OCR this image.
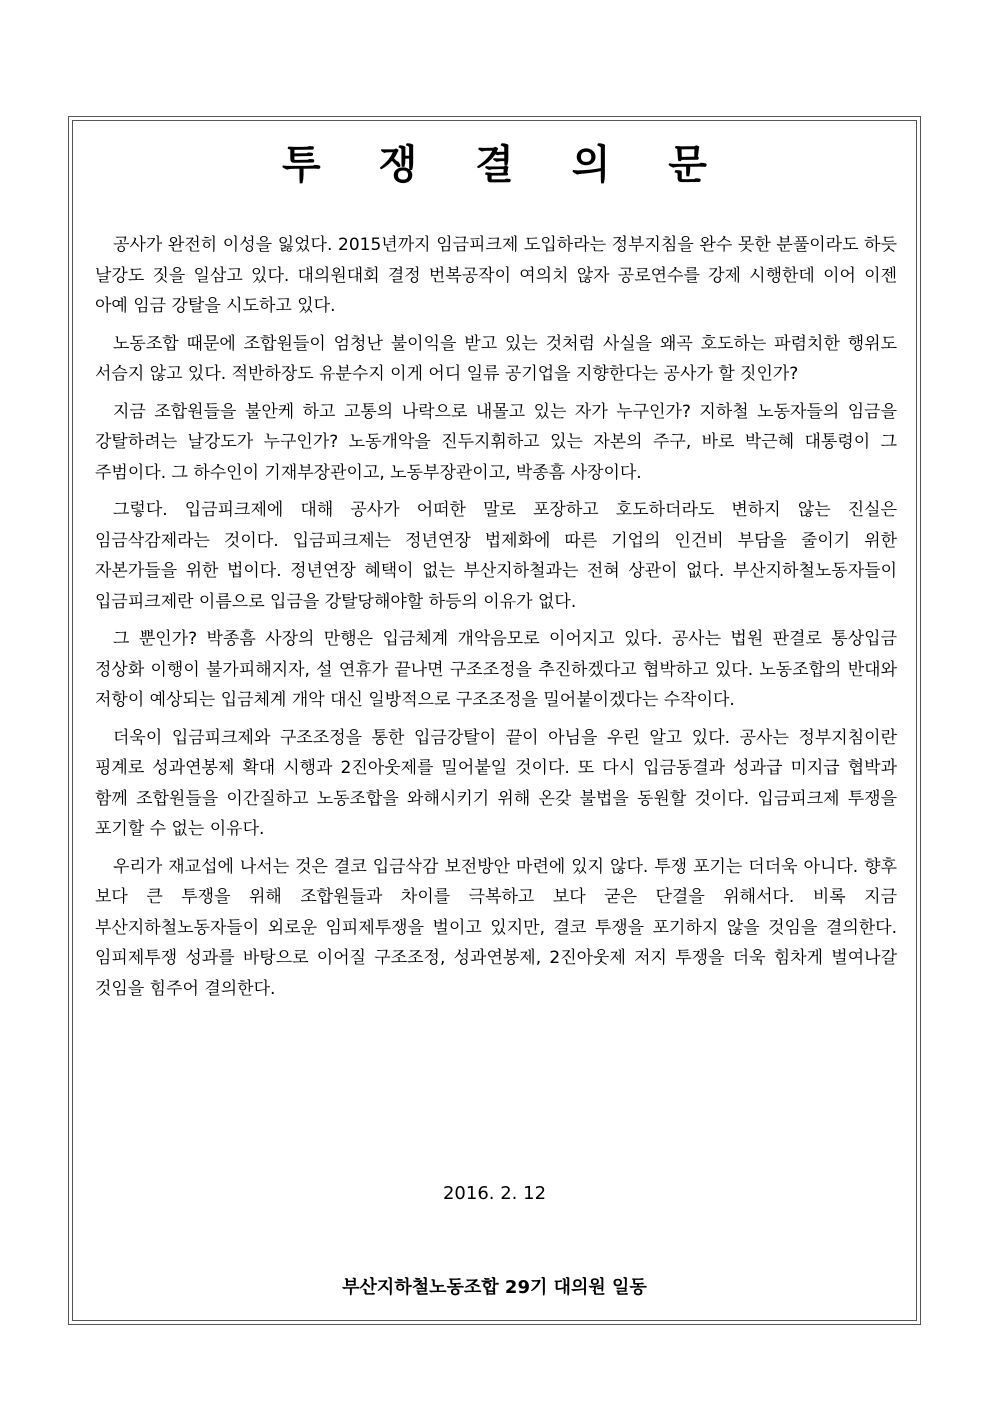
투 쟁 결 의 문

공사가 완전히 이성을 잃었다. 2015년까지 임금피크제 도입하라는 정부지침을 완수 못한 분풀이라도 하듯 날강도 짓을 일삼고 있다. 대의원대회 결정 번복공작이 여의치 않자 공로연수를 강제 시행한데 이어 이젠 아예 임금 강탈을 시도하고 있다.

노동조합 때문에 조합원들이 엄청난 불이익을 받고 있는 것처럼 사실을 왜곡 호도하는 파렴치한 행위도 서슴지 않고 있다. 적반하장도 유분수지 이게 어디 일류 공기업을 지향한다는 공사가 할 짓인가?

지금 조합원들을 불안케 하고 고통의 나락으로 내몰고 있는 자가 누구인가? 지하철 노동자들의 임금을 강탈하려는 날강도가 누구인가? 노동개악을 진두지휘하고 있는 자본의 주구, 바로 박근혜 대통령이 그 주범이다. 그 하수인이 기재부장관이고, 노동부장관이고, 박종흠 사장이다.

그렇다. 입금피크제에 대해 공사가 어떠한 말로 포장하고 호도하더라도 변하지 않는 진실은 임금삭감제라는 것이다. 입금피크제는 정년연장 법제화에 따른 기업의 인건비 부담을 줄이기 위한 자본가들을 위한 법이다. 정년연장 혜택이 없는 부산지하철과는 전혀 상관이 없다. 부산지하철노동자들이 입금피크제란 이름으로 입금을 강탈당해야할 하등의 이유가 없다.

그 뿐인가? 박종흠 사장의 만행은 입금체계 개악음모로 이어지고 있다. 공사는 법원 판결로 통상입금 정상화 이행이 불가피해지자, 설 연휴가 끝나면 구조조정을 추진하겠다고 협박하고 있다. 노동조합의 반대와 저항이 예상되는 입금체계 개악 대신 일방적으로 구조조정을 밀어붙이겠다는 수작이다.

더욱이 입금피크제와 구조조정을 통한 입금강탈이 끝이 아님을 우린 알고 있다. 공사는 정부지침이란 핑계로 성과연봉제 확대 시행과 2진아웃제를 밀어붙일 것이다. 또 다시 입금동결과 성과급 미지급 협박과 함께 조합원들을 이간질하고 노동조합을 와해시키기 위해 온갖 불법을 동원할 것이다. 입금피크제 투쟁을 포기할 수 없는 이유다.

우리가 재교섭에 나서는 것은 결코 입금삭감 보전방안 마련에 있지 않다. 투쟁 포기는 더더욱 아니다. 향후 보다 큰 투쟁을 위해 조합원들과 차이를 극복하고 보다 굳은 단결을 위해서다. 비록 지금 부산지하철노동자들이 외로운 임피제투쟁을 벌이고 있지만, 결코 투쟁을 포기하지 않을 것임을 결의한다. 임피제투쟁 성과를 바탕으로 이어질 구조조정, 성과연봉제, 2진아웃제 저지 투쟁을 더욱 힘차게 벌여나갈 것임을 힘주어 결의한다.

2016. 2. 12
부산지하철노동조합 29기 대의원 일동
